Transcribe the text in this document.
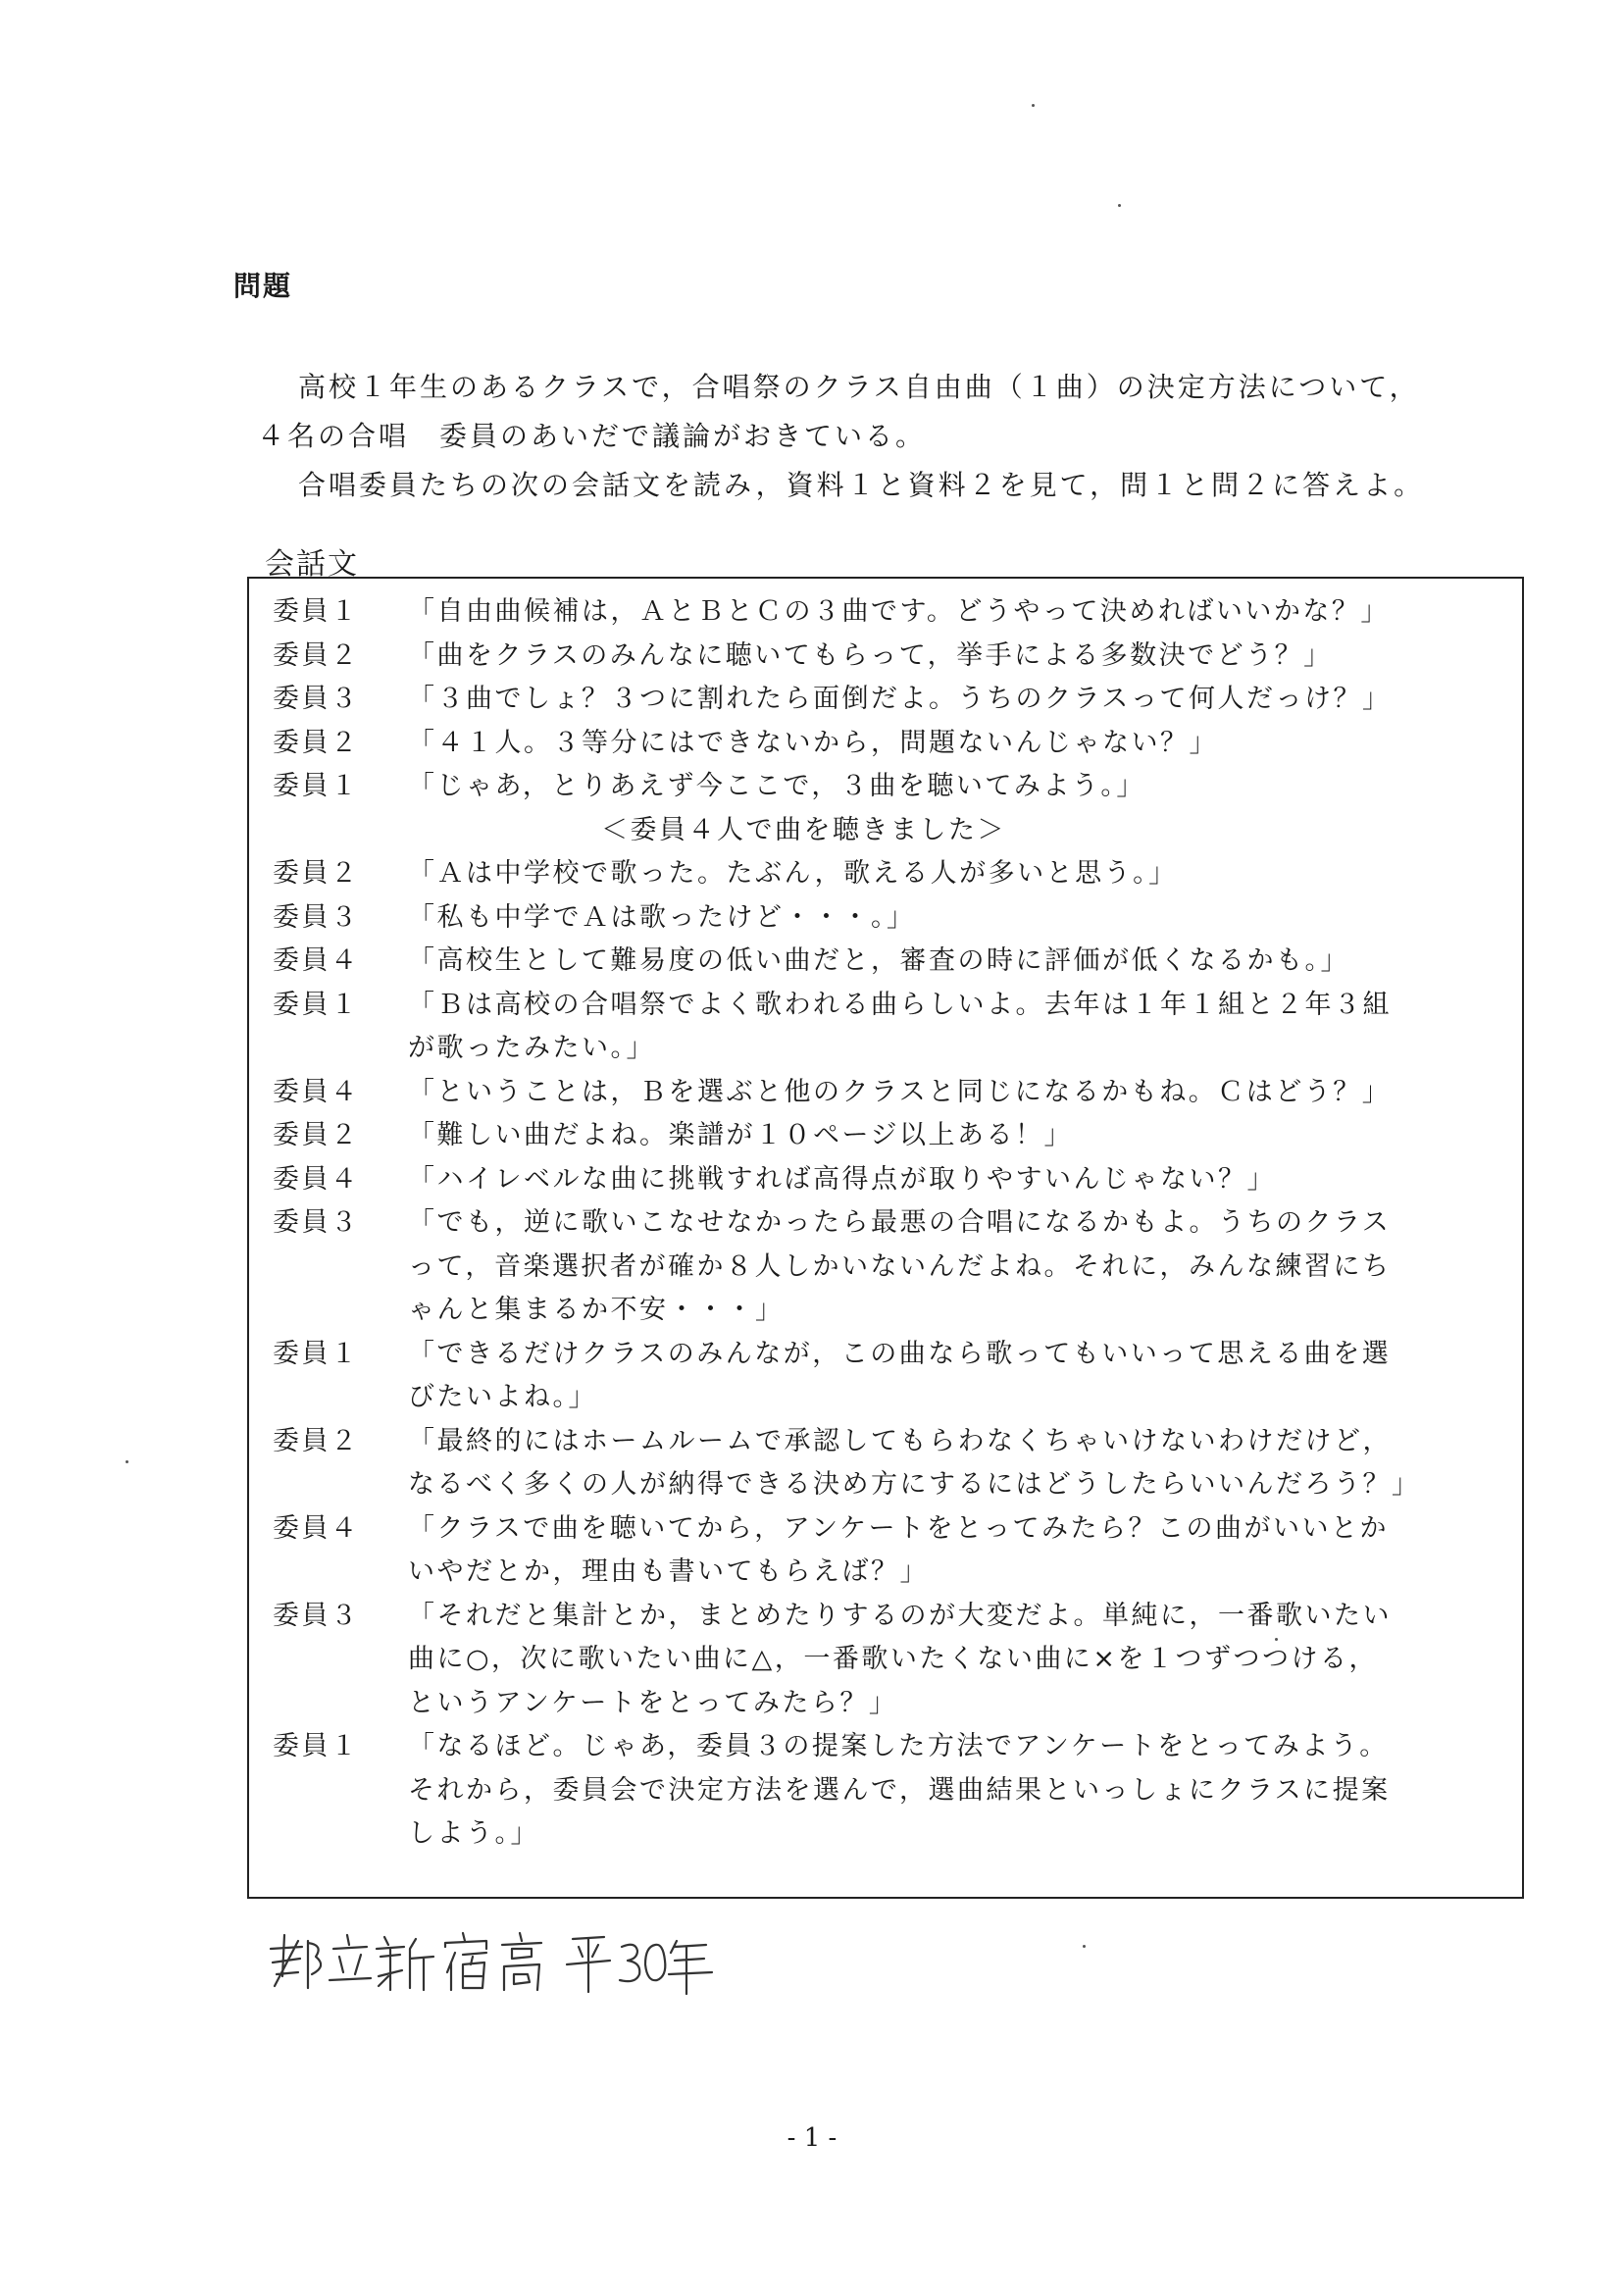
問題

高校１年生のあるクラスで，合唱祭のクラス自由曲（１曲）の決定方法について，

４名の合唱　委員のあいだで議論がおきている。

合唱委員たちの次の会話文を読み，資料１と資料２を見て，問１と問２に答えよ。

会話文
委員１	「自由曲候補は，ＡとＢとＣの３曲です。どうやって決めればいいかな？」
委員２	「曲をクラスのみんなに聴いてもらって，挙手による多数決でどう？」
委員３	「３曲でしょ？３つに割れたら面倒だよ。うちのクラスって何人だっけ？」
委員２	「４１人。３等分にはできないから，問題ないんじゃない？」
委員１	「じゃあ，とりあえず今ここで，３曲を聴いてみよう。」
＜委員４人で曲を聴きました＞
委員２	「Ａは中学校で歌った。たぶん，歌える人が多いと思う。」
委員３	「私も中学でＡは歌ったけど・・・。」
委員４	「高校生として難易度の低い曲だと，審査の時に評価が低くなるかも。」
委員１	「Ｂは高校の合唱祭でよく歌われる曲らしいよ。去年は１年１組と２年３組
が歌ったみたい。」
委員４	「ということは，Ｂを選ぶと他のクラスと同じになるかもね。Ｃはどう？」
委員２	「難しい曲だよね。楽譜が１０ページ以上ある！」
委員４	「ハイレベルな曲に挑戦すれば高得点が取りやすいんじゃない？」
委員３	「でも，逆に歌いこなせなかったら最悪の合唱になるかもよ。うちのクラス
って，音楽選択者が確か８人しかいないんだよね。それに，みんな練習にち
ゃんと集まるか不安・・・」
委員１	「できるだけクラスのみんなが，この曲なら歌ってもいいって思える曲を選
びたいよね。」
委員２	「最終的にはホームルームで承認してもらわなくちゃいけないわけだけど，
なるべく多くの人が納得できる決め方にするにはどうしたらいいんだろう？」
委員４	「クラスで曲を聴いてから，アンケートをとってみたら？この曲がいいとか
いやだとか，理由も書いてもらえば？」
委員３	「それだと集計とか，まとめたりするのが大変だよ。単純に，一番歌いたい
曲に○，次に歌いたい曲に△，一番歌いたくない曲に×を１つずつつける，
というアンケートをとってみたら？」
委員１	「なるほど。じゃあ，委員３の提案した方法でアンケートをとってみよう。
それから，委員会で決定方法を選んで，選曲結果といっしょにクラスに提案
しよう。」
- 1 -
